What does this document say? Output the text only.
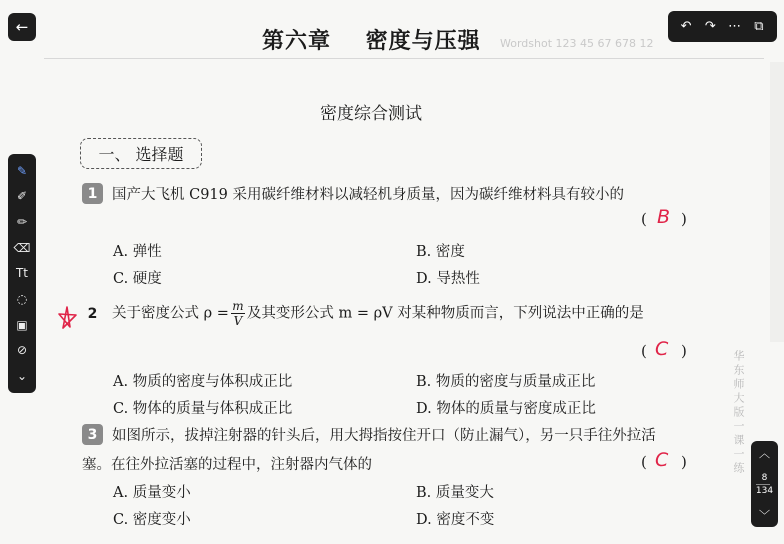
←	↶	↷ ⋯	⧉
第六章    密度与压强	Wordshot 123 45 67 678 12
密度综合测试
一、 选择题
✎
✐
✏
⌫
Tt
◌
▣
⊘
⌄
1	国产大飞机 C919 采用碳纤维材料以减轻机身质量，因为碳纤维材料具有较小的
( B )
A. 弹性	B. 密度
C. 硬度	D. 导热性
2	关于密度公式 $\rho = \frac{m}{V}$ 及其变形公式 m = ρV 对某种物质而言，下列说法中正确的是
( C )
A. 物质的密度与体积成正比	B. 物质的密度与质量成正比
C. 物体的质量与体积成正比	D. 物体的质量与密度成正比
3	如图所示，拔掉注射器的针头后，用大拇指按住开口（防止漏气），另一只手往外拉活
塞。在往外拉活塞的过程中，注射器内气体的	( C )
A. 质量变小	B. 质量变大
C. 密度变小	D. 密度不变
华东师大版一课一练 ︿
8
134
﹀
